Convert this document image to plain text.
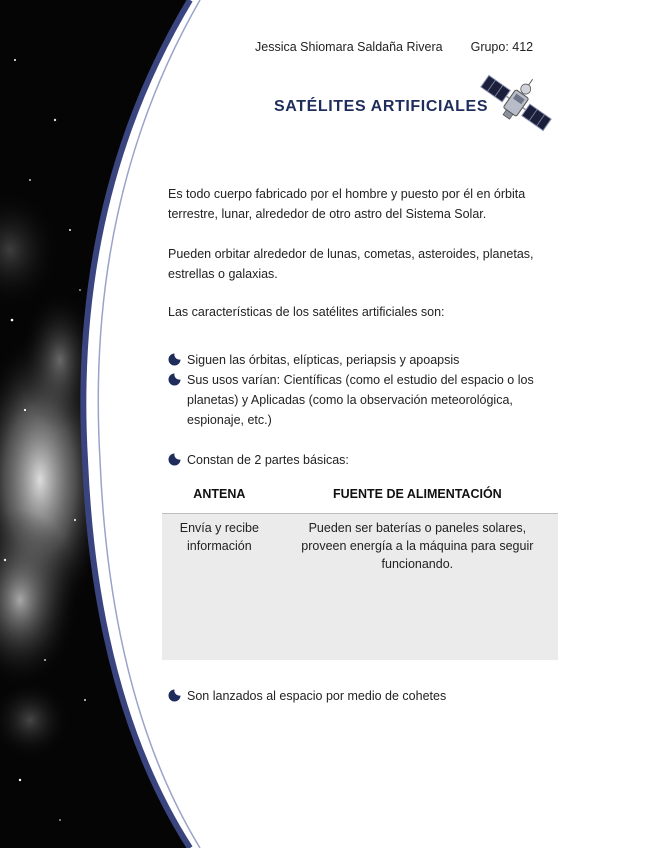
Jessica Shiomara Saldaña Rivera Grupo: 412
SATÉLITES ARTIFICIALES

Es todo cuerpo fabricado por el hombre y puesto por él en órbita terrestre, lunar, alrededor de otro astro del Sistema Solar.

Pueden orbitar alrededor de lunas, cometas, asteroides, planetas, estrellas o galaxias.

Las características de los satélites artificiales son:

Siguen las órbitas, elípticas, periapsis y apoapsis
Sus usos varían: Científicas (como el estudio del espacio o los planetas) y Aplicadas (como la observación meteorológica, espionaje, etc.)
Constan de 2 partes básicas:
ANTENA	FUENTE DE ALIMENTACIÓN
Envía y recibe información	Pueden ser baterías o paneles solares, proveen energía a la máquina para seguir funcionando.
Son lanzados al espacio por medio de cohetes
